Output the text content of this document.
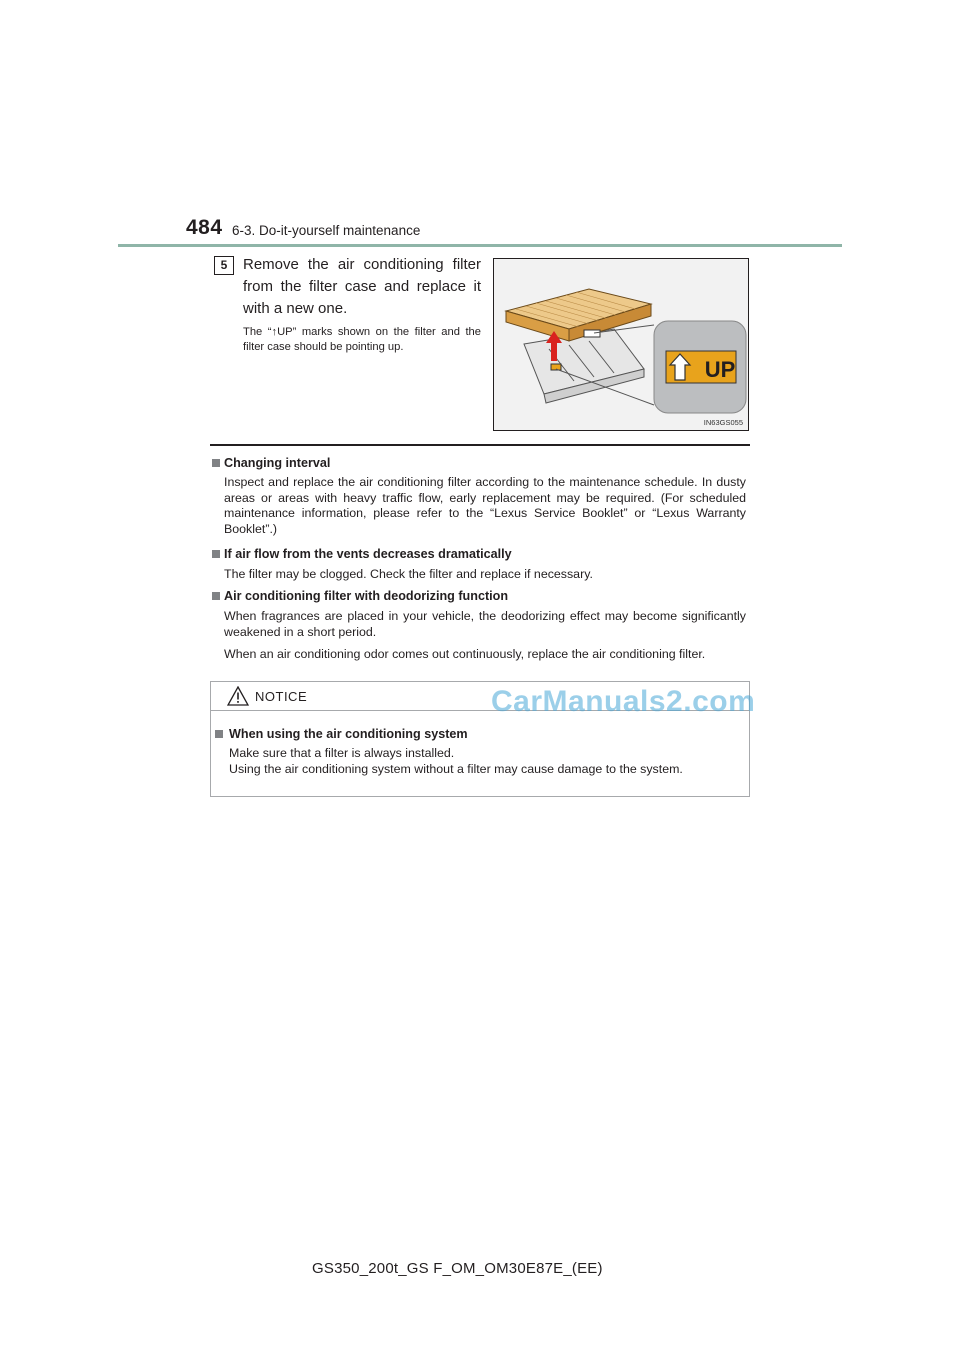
484 6-3. Do-it-yourself maintenance
5	Remove the air conditioning filter from the filter case and replace it with a new one.
The “↑UP” marks shown on the filter and the filter case should be pointing up.
UP
IN63GS055
Changing interval
Inspect and replace the air conditioning filter according to the maintenance schedule. In dusty areas or areas with heavy traffic flow, early replacement may be required. (For scheduled maintenance information, please refer to the “Lexus Service Booklet” or “Lexus Warranty Booklet”.)
If air flow from the vents decreases dramatically
The filter may be clogged. Check the filter and replace if necessary.
Air conditioning filter with deodorizing function
When fragrances are placed in your vehicle, the deodorizing effect may become significantly weakened in a short period.
When an air conditioning odor comes out continuously, replace the air conditioning filter.
NOTICE	CarManuals2.com
When using the air conditioning system
Make sure that a filter is always installed.
Using the air conditioning system without a filter may cause damage to the system.
GS350_200t_GS F_OM_OM30E87E_(EE)
